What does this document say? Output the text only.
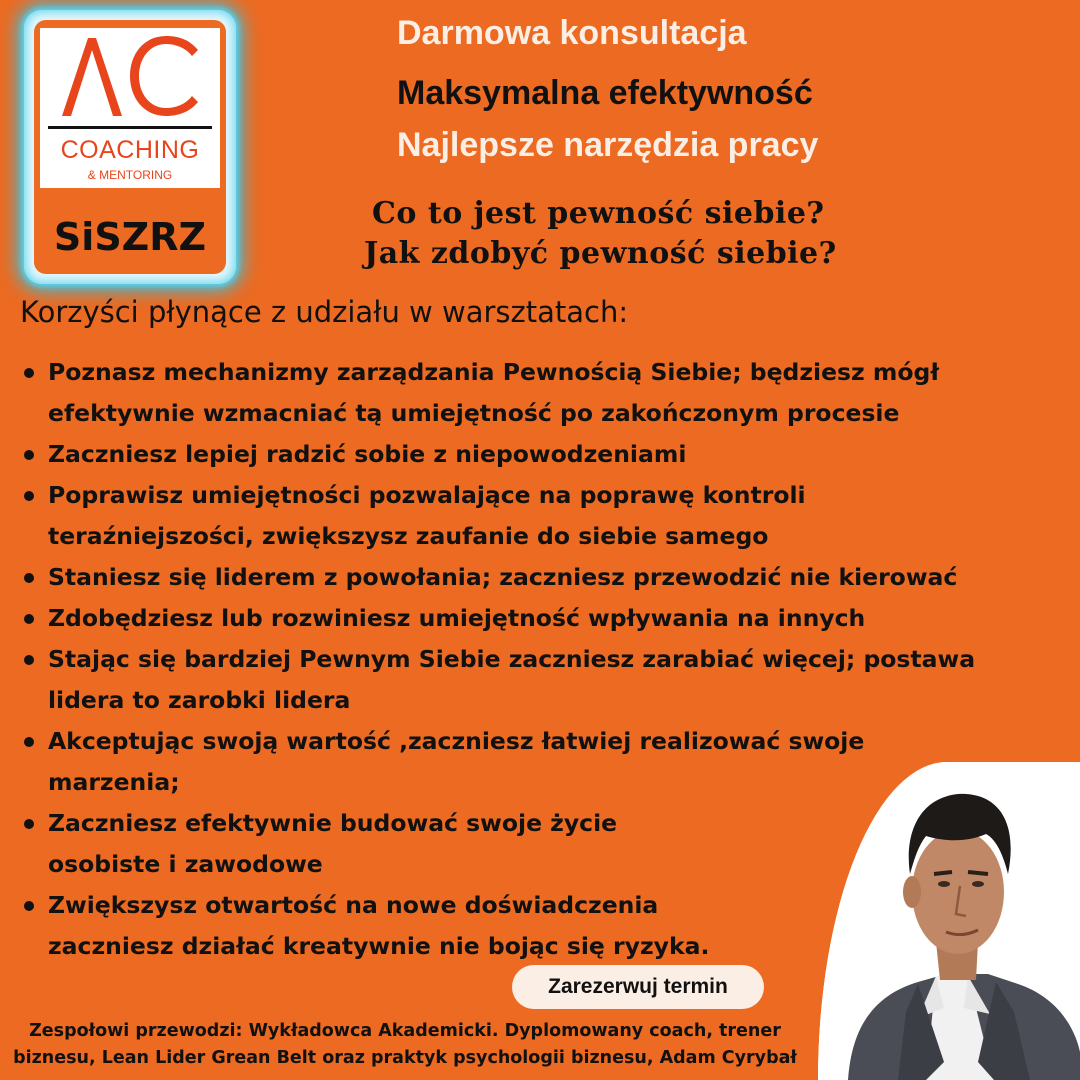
COACHING
& MENTORING
SiSZRZ
Darmowa konsultacja
Maksymalna efektywność
Najlepsze narzędzia pracy
Co to jest pewność siebie?
Jak zdobyć pewność siebie?
Korzyści płynące z udziału w warsztatach:
Poznasz mechanizmy zarządzania Pewnością Siebie; będziesz mógł
efektywnie wzmacniać tą umiejętność po zakończonym procesie
Zaczniesz lepiej radzić sobie z niepowodzeniami
Poprawisz umiejętności pozwalające na poprawę kontroli
teraźniejszości, zwiększysz zaufanie do siebie samego
Staniesz się liderem z powołania; zaczniesz przewodzić nie kierować
Zdobędziesz lub rozwiniesz umiejętność wpływania na innych
Stając się bardziej Pewnym Siebie zaczniesz zarabiać więcej; postawa
lidera to zarobki lidera
Akceptując swoją wartość ,zaczniesz łatwiej realizować swoje
marzenia;
Zaczniesz efektywnie budować swoje życie
osobiste i zawodowe
Zwiększysz otwartość na nowe doświadczenia
zaczniesz działać kreatywnie nie bojąc się ryzyka.
Zarezerwuj termin
Zespołowi przewodzi: Wykładowca Akademicki. Dyplomowany coach, trener
biznesu, Lean Lider Grean Belt oraz praktyk psychologii biznesu, Adam Cyrybał
